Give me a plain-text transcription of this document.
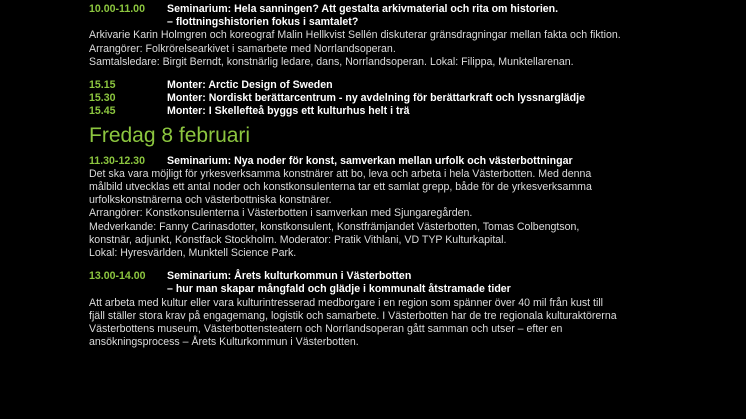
10.00-11.00	Seminarium: Hela sanningen? Att gestalta arkivmaterial och rita om historien.
– flottningshistorien fokus i samtalet?
Arkivarie Karin Holmgren och koreograf Malin Hellkvist Sellén diskuterar gränsdragningar mellan fakta och fiktion.
Arrangörer: Folkrörelsearkivet i samarbete med Norrlandsoperan.
Samtalsledare: Birgit Berndt, konstnärlig ledare, dans, Norrlandsoperan. Lokal: Filippa, Munktellarenan.
15.15	Monter: Arctic Design of Sweden
15.30	Monter: Nordiskt berättarcentrum - ny avdelning för berättarkraft och lyssnarglädje
15.45	Monter: I Skellefteå byggs ett kulturhus helt i trä
Fredag 8 februari
11.30-12.30	Seminarium: Nya noder för konst, samverkan mellan urfolk och västerbottningar
Det ska vara möjligt för yrkesverksamma konstnärer att bo, leva och arbeta i hela Västerbotten. Med denna
målbild utvecklas ett antal noder och konstkonsulenterna tar ett samlat grepp, både för de yrkesverksamma
urfolkskonstnärerna och västerbottniska konstnärer.
Arrangörer: Konstkonsulenterna i Västerbotten i samverkan med Sjungaregården.
Medverkande: Fanny Carinasdotter, konstkonsulent, Konstfrämjandet Västerbotten, Tomas Colbengtson,
konstnär, adjunkt, Konstfack Stockholm. Moderator: Pratik Vithlani, VD TYP Kulturkapital.
Lokal: Hyresvärlden, Munktell Science Park.
13.00-14.00	Seminarium: Årets kulturkommun i Västerbotten
– hur man skapar mångfald och glädje i kommunalt åtstramade tider
Att arbeta med kultur eller vara kulturintresserad medborgare i en region som spänner över 40 mil från kust till
fjäll ställer stora krav på engagemang, logistik och samarbete. I Västerbotten har de tre regionala kulturaktörerna
Västerbottens museum, Västerbottensteatern och Norrlandsoperan gått samman och utser – efter en
ansökningsprocess – Årets Kulturkommun i Västerbotten.
